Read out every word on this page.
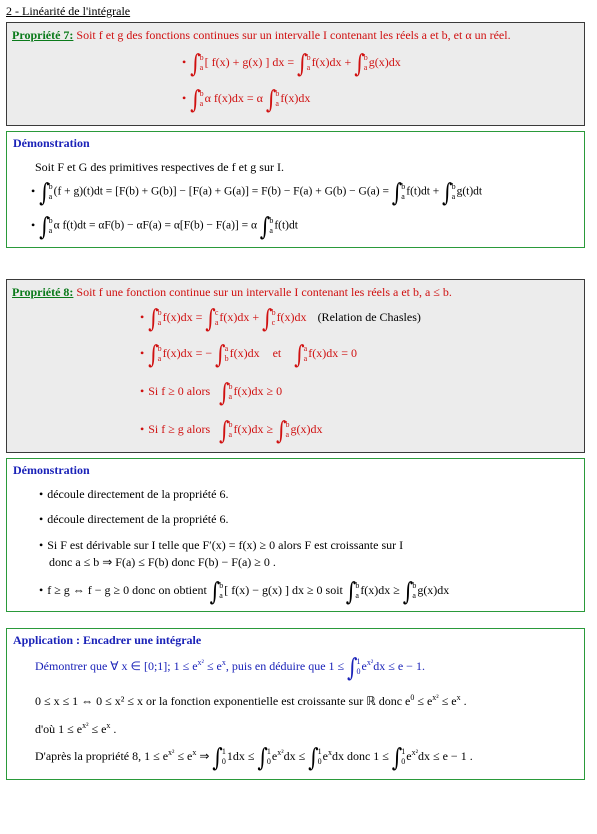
2 - Linéarité de l'intégrale
Propriété 7: Soit f et g des fonctions continues sur un intervalle I contenant les réels a et b, et α un réel.
• ∫ b
a [ f(x) + g(x) ] dx = ∫ b
a f(x)dx + ∫ b
a g(x)dx
• ∫ b
a α f(x)dx = α ∫ b
a f(x)dx
Démonstration
Soit F et G des primitives respectives de f et g sur I.
• ∫ b
a (f + g)(t)dt = [F(b) + G(b)] − [F(a) + G(a)] = F(b) − F(a) + G(b) − G(a) = ∫ b
a f(t)dt + ∫ b
a g(t)dt
• ∫ b
a α f(t)dt = αF(b) − αF(a) = α[F(b) − F(a)] = α ∫ b
a f(t)dt
Propriété 8: Soit f une fonction continue sur un intervalle I contenant les réels a et b, a ≤ b.
• ∫ b
a f(x)dx = ∫ c
a f(x)dx + ∫ b
c f(x)dx (Relation de Chasles)
• ∫ b
a f(x)dx = − ∫ a
b f(x)dx et ∫ a
a f(x)dx = 0
• Si f ≥ 0 alors ∫ b
a f(x)dx ≥ 0
• Si f ≥ g alors ∫ b
a f(x)dx ≥ ∫ b
a g(x)dx
Démonstration
• découle directement de la propriété 6.
• découle directement de la propriété 6.
• Si F est dérivable sur I telle que F′(x) = f(x) ≥ 0 alors F est croissante sur I
donc a ≤ b ⇒ F(a) ≤ F(b) donc F(b) − F(a) ≥ 0 .
• f ≥ g ⇔ f − g ≥ 0 donc on obtient ∫ b
a [ f(x) − g(x) ] dx ≥ 0 soit ∫ b
a f(x)dx ≥ ∫ b
a g(x)dx
Application : Encadrer une intégrale
Démontrer que ∀ x ∈ [0;1]; $1 \le e^{x^2} \le e^x$, puis en déduire que 1 ≤ ∫ 1
0 $e^{x^2}dx \le e - 1$.
0 ≤ x ≤ 1 ⇔ 0 ≤ x² ≤ x or la fonction exponentielle est croissante sur ℝ donc $e^0 \le e^{x^2} \le e^x$ .
d'où $1 \le e^{x^2} \le e^x$ .
D'après la propriété 8, $1 \le e^{x^2} \le e^x$ ⇒ ∫ 1
0 1dx ≤ ∫ 1
0 $e^{x^2}dx$ ≤ ∫ 1
0 $e^xdx$ donc 1 ≤ ∫ 1
0 $e^{x^2}dx \le e - 1$ .
